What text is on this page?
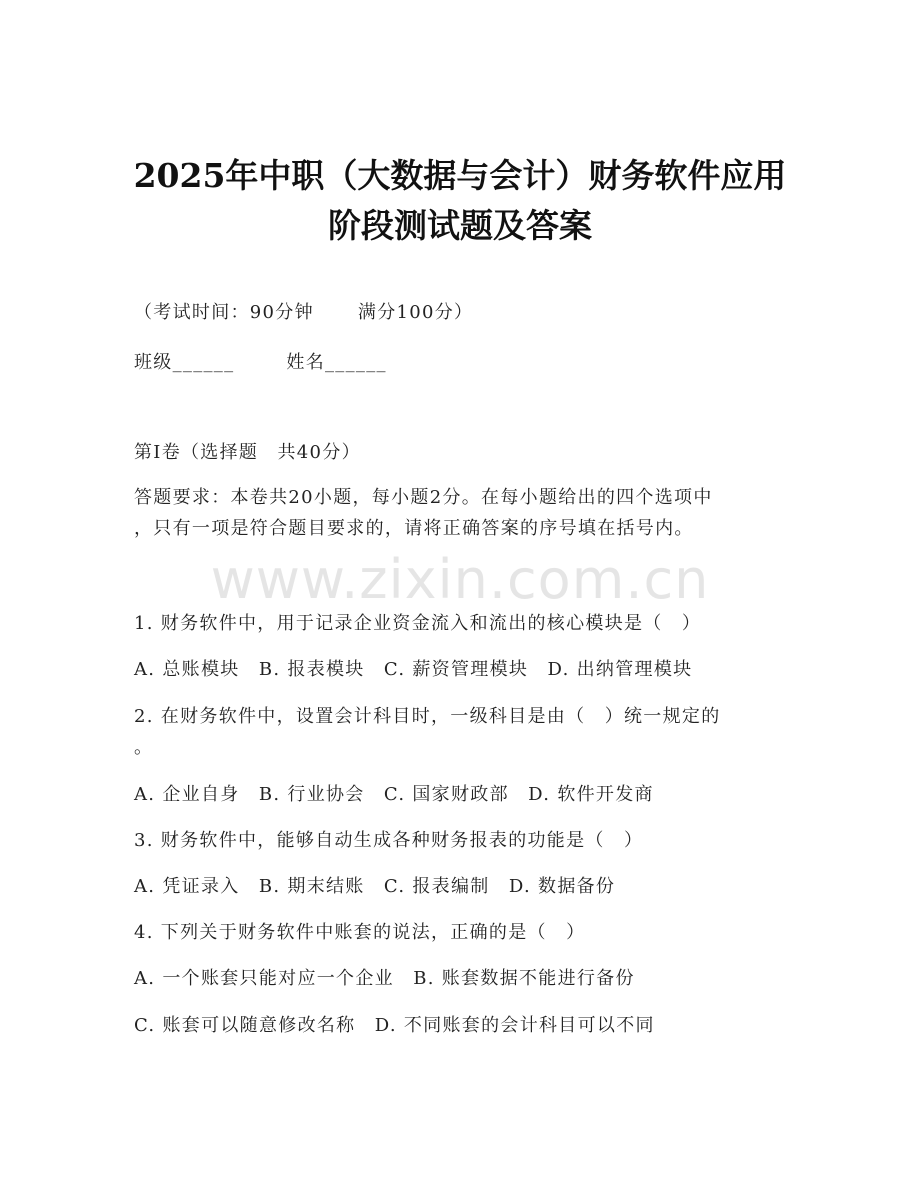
2025年中职（大数据与会计）财务软件应用
阶段测试题及答案
（考试时间：90分钟 满分100分）
班级______	姓名______
第I卷（选择题　共40分）
答题要求：本卷共20小题，每小题2分。在每小题给出的四个选项中
，只有一项是符合题目要求的，请将正确答案的序号填在括号内。
www.zixin.com.cn
1. 财务软件中，用于记录企业资金流入和流出的核心模块是（　）
A. 总账模块　B. 报表模块　C. 薪资管理模块　D. 出纳管理模块
2. 在财务软件中，设置会计科目时，一级科目是由（　）统一规定的
。
A. 企业自身　B. 行业协会　C. 国家财政部　D. 软件开发商
3. 财务软件中，能够自动生成各种财务报表的功能是（　）
A. 凭证录入　B. 期末结账　C. 报表编制　D. 数据备份
4. 下列关于财务软件中账套的说法，正确的是（　）
A. 一个账套只能对应一个企业　B. 账套数据不能进行备份
C. 账套可以随意修改名称　D. 不同账套的会计科目可以不同
